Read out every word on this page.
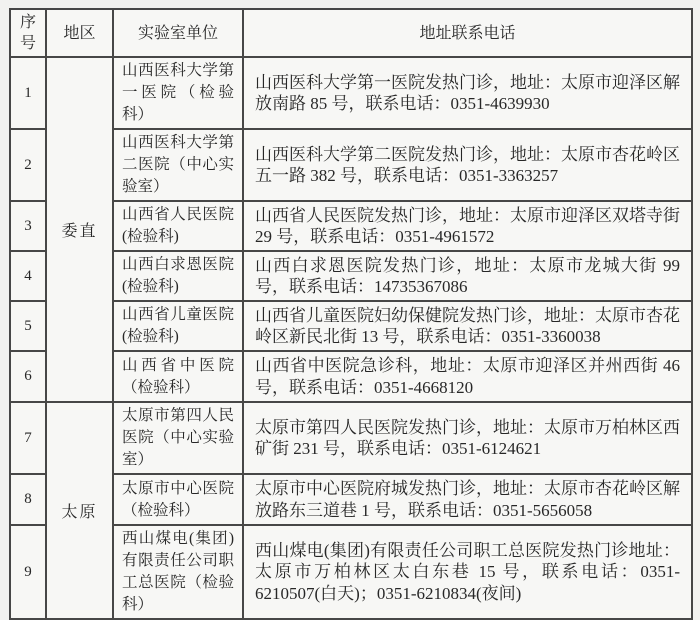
序号	地区	实验室单位	地址联系电话
1	委直	山西医科大学第一医院（检验科）	山西医科大学第一医院发热门诊，地址：太原市迎泽区解放南路 85 号，联系电话：0351-4639930
2		山西医科大学第二医院（中心实验室）	山西医科大学第二医院发热门诊，地址：太原市杏花岭区五一路 382 号，联系电话：0351-3363257
3		山西省人民医院(检验科)	山西省人民医院发热门诊，地址：太原市迎泽区双塔寺街 29 号，联系电话：0351-4961572
4		山西白求恩医院(检验科)	山西白求恩医院发热门诊，地址：太原市龙城大街 99 号，联系电话：14735367086
5		山西省儿童医院(检验科)	山西省儿童医院妇幼保健院发热门诊，地址：太原市杏花岭区新民北街 13 号，联系电话：0351-3360038
6		山西省中医院（检验科）	山西省中医院急诊科，地址：太原市迎泽区并州西街 46 号，联系电话：0351-4668120
7	太原	太原市第四人民医院（中心实验室）	太原市第四人民医院发热门诊，地址：太原市万柏林区西矿街 231 号，联系电话：0351-6124621
8		太原市中心医院（检验科）	太原市中心医院府城发热门诊，地址：太原市杏花岭区解放路东三道巷 1 号，联系电话：0351-5656058
9		西山煤电(集团)有限责任公司职工总医院（检验科）	西山煤电(集团)有限责任公司职工总医院发热门诊地址：太原市万柏林区太白东巷 15 号，联系电话：0351-6210507(白天)；0351-6210834(夜间)
